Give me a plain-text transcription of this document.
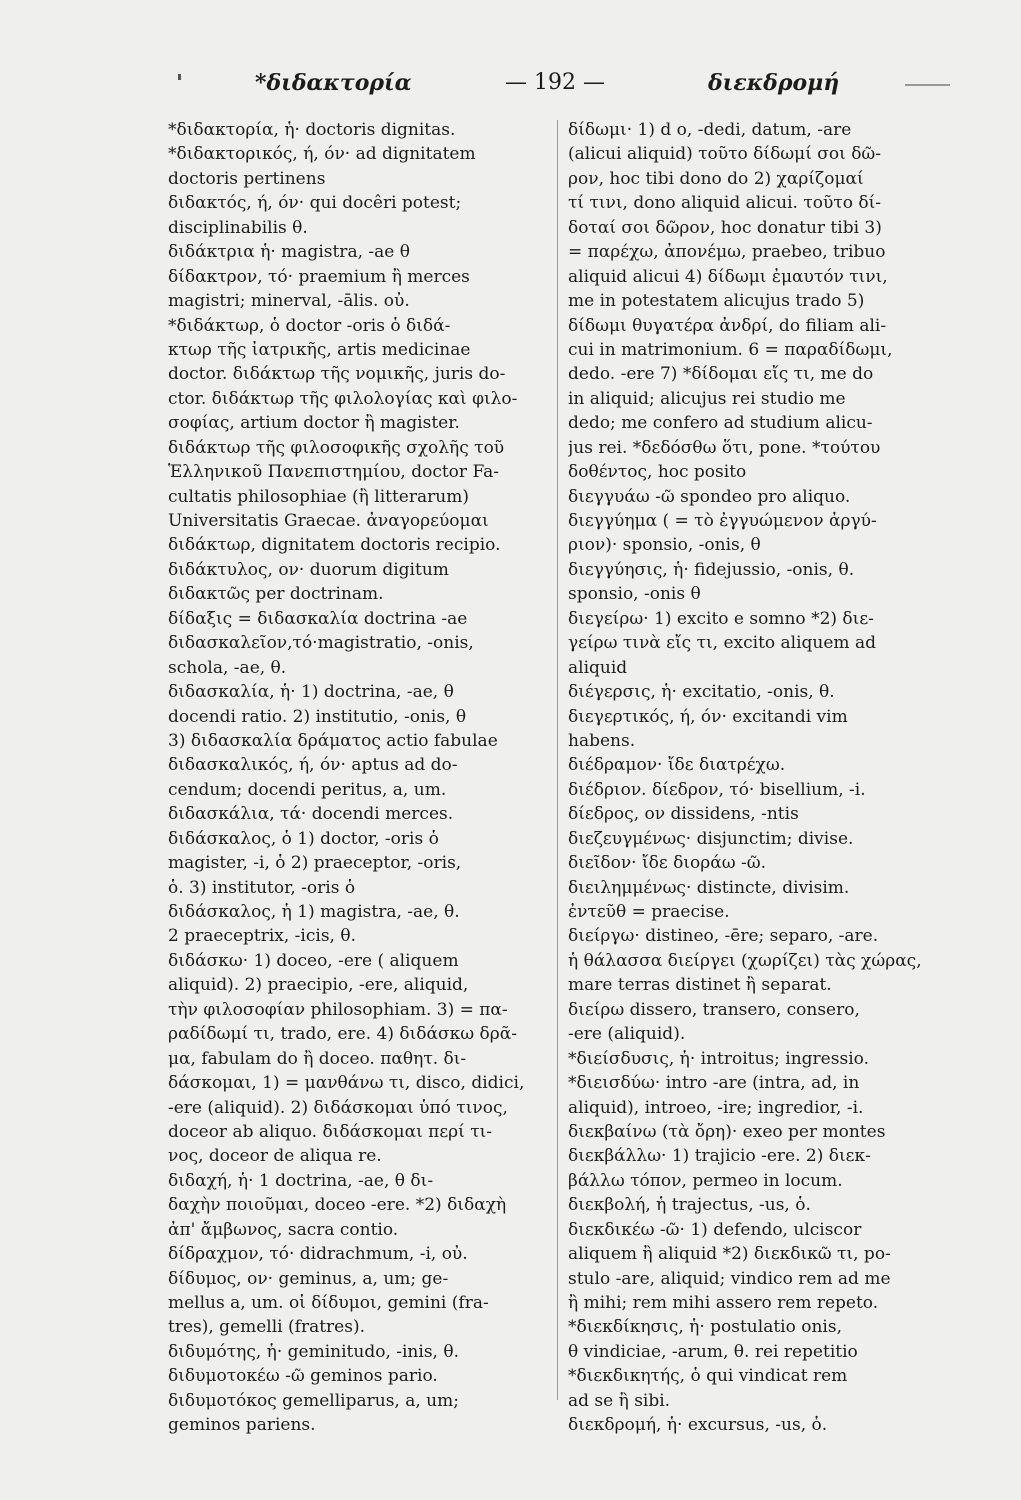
*διδακτορία	— 192 —	διεκδρομή
*διδακτορία, ἡ· doctoris dignitas.
*διδακτορικός, ή, όν· ad dignitatem
doctoris pertinens
διδακτός, ή, όν· qui docêri potest;
disciplinabilis θ.
διδάκτρια ἡ· magistra, -ae θ
δίδακτρον, τό· praemium ἢ merces
magistri; minerval, -ālis. οὐ.
*διδάκτωρ, ὁ doctor -oris ὁ διδά-
κτωρ τῆς ἰατρικῆς, artis medicinae
doctor. διδάκτωρ τῆς νομικῆς, juris do-
ctor. διδάκτωρ τῆς φιλολογίας καὶ φιλο-
σοφίας, artium doctor ἢ magister.
διδάκτωρ τῆς φιλοσοφικῆς σχολῆς τοῦ
Ἑλληνικοῦ Πανεπιστημίου, doctor Fa-
cultatis philosophiae (ἢ litterarum)
Universitatis Graecae. ἀναγορεύομαι
διδάκτωρ, dignitatem doctoris recipio.
διδάκτυλος, ον· duorum digitum
διδακτῶς per doctrinam.
δίδαξις = διδασκαλία doctrina -ae
διδασκαλεῖον,τό·magistratio, -onis,
schola, -ae, θ.
διδασκαλία, ἡ· 1) doctrina, -ae, θ
docendi ratio. 2) institutio, -onis, θ
3) διδασκαλία δράματος actio fabulae
διδασκαλικός, ή, όν· aptus ad do-
cendum; docendi peritus, a, um.
διδασκάλια, τά· docendi merces.
διδάσκαλος, ὁ 1) doctor, -oris ὁ
magister, -i, ὁ 2) praeceptor, -oris,
ὁ. 3) institutor, -oris ὁ
διδάσκαλος, ἡ 1) magistra, -ae, θ.
2 praeceptrix, -icis, θ.
διδάσκω· 1) doceo, -ere ( aliquem
aliquid). 2) praecipio, -ere, aliquid,
τὴν φιλοσοφίαν philosophiam. 3) = πα-
ραδίδωμί τι, trado, ere. 4) διδάσκω δρᾶ-
μα, fabulam do ἢ doceo. παθητ. δι-
δάσκομαι, 1) = μανθάνω τι, disco, didici,
-ere (aliquid). 2) διδάσκομαι ὑπό τινος,
doceor ab aliquo. διδάσκομαι περί τι-
νος, doceor de aliqua re.
διδαχή, ἡ· 1 doctrina, -ae, θ δι-
δαχὴν ποιοῦμαι, doceo -ere. *2) διδαχὴ
ἀπ' ἄμβωνος, sacra contio.
δίδραχμον, τό· didrachmum, -i, οὐ.
δίδυμος, ον· geminus, a, um; ge-
mellus a, um. οἱ δίδυμοι, gemini (fra-
tres), gemelli (fratres).
διδυμότης, ἡ· geminitudo, -inis, θ.
διδυμοτοκέω -ῶ geminos pario.
διδυμοτόκος gemelliparus, a, um;
geminos pariens.
δίδωμι· 1) d o, -dedi, datum, -are
(alicui aliquid) τοῦτο δίδωμί σοι δῶ-
ρον, hoc tibi dono do 2) χαρίζομαί
τί τινι, dono aliquid alicui. τοῦτο δί-
δοταί σοι δῶρον, hoc donatur tibi 3)
= παρέχω, ἀπονέμω, praebeo, tribuo
aliquid alicui 4) δίδωμι ἐμαυτόν τινι,
me in potestatem alicujus trado 5)
δίδωμι θυγατέρα ἀνδρί, do filiam ali-
cui in matrimonium. 6 = παραδίδωμι,
dedo. -ere 7) *δίδομαι εἴς τι, me do
in aliquid; alicujus rei studio me
dedo; me confero ad studium alicu-
jus rei. *δεδόσθω ὅτι, pone. *τούτου
δοθέντος, hoc posito
διεγγυάω -ῶ spondeo pro aliquo.
διεγγύημα ( = τὸ ἐγγυώμενον ἀργύ-
ριον)· sponsio, -onis, θ
διεγγύησις, ἡ· fidejussio, -onis, θ.
sponsio, -onis θ
διεγείρω· 1) excito e somno *2) διε-
γείρω τινὰ εἴς τι, excito aliquem ad
aliquid
διέγερσις, ἡ· excitatio, -onis, θ.
διεγερτικός, ή, όν· excitandi vim
habens.
διέδραμον· ἴδε διατρέχω.
διέδριον. δίεδρον, τό· bisellium, -i.
δίεδρος, ον dissidens, -ntis
διεζευγμένως· disjunctim; divise.
διεῖδον· ἴδε διοράω -ῶ.
διειλημμένως· distincte, divisim.
ἐντεῦθ = praecise.
διείργω· distineo, -ēre; separo, -are.
ἡ θάλασσα διείργει (χωρίζει) τὰς χώρας,
mare terras distinet ἢ separat.
διείρω dissero, transero, consero,
-ere (aliquid).
*διείσδυσις, ἡ· introitus; ingressio.
*διεισδύω· intro -are (intra, ad, in
aliquid), introeo, -ire; ingredior, -i.
διεκβαίνω (τὰ ὄρη)· exeo per montes
διεκβάλλω· 1) trajicio -ere. 2) διεκ-
βάλλω τόπον, permeo in locum.
διεκβολή, ἡ trajectus, -us, ὁ.
διεκδικέω -ῶ· 1) defendo, ulciscor
aliquem ἢ aliquid *2) διεκδικῶ τι, po-
stulo -are, aliquid; vindico rem ad me
ἢ mihi; rem mihi assero rem repeto.
*διεκδίκησις, ἡ· postulatio onis,
θ vindiciae, -arum, θ. rei repetitio
*διεκδικητής, ὁ qui vindicat rem
ad se ἢ sibi.
διεκδρομή, ἡ· excursus, -us, ὁ.
